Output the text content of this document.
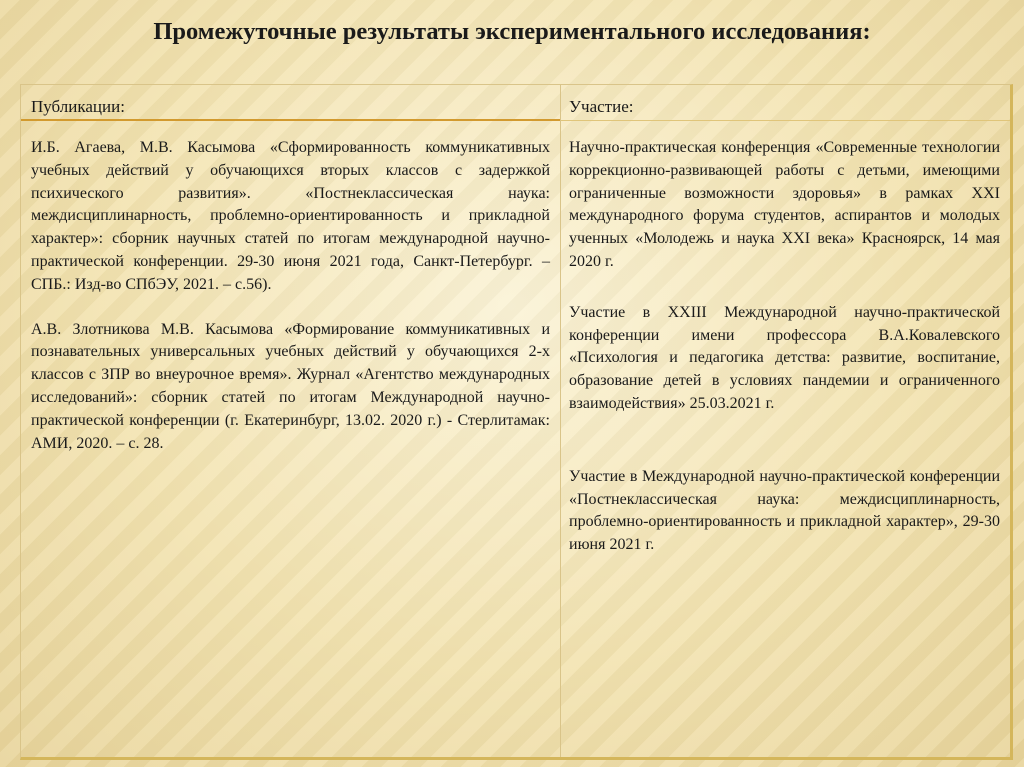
Промежуточные результаты экспериментального исследования:
Публикации:

И.Б. Агаева, М.В. Касымова «Сформированность коммуникативных учебных действий у обучающихся вторых классов с задержкой психического развития». «Постнеклассическая наука: междисциплинарность, проблемно-ориентированность и прикладной характер»: сборник научных статей по итогам международной научно-практической конференции. 29-30 июня 2021 года, Санкт-Петербург. – СПБ.: Изд-во СПбЭУ, 2021. – с.56).

А.В. Злотникова М.В. Касымова «Формирование коммуникативных и познавательных универсальных учебных действий у обучающихся 2-х классов с ЗПР во внеурочное время». Журнал «Агентство международных исследований»: сборник статей по итогам Международной научно-практической конференции (г. Екатеринбург, 13.02. 2020 г.) - Стерлитамак: АМИ, 2020. – с. 28.

Участие:

Научно-практическая конференция «Современные технологии коррекционно-развивающей работы с детьми, имеющими ограниченные возможности здоровья» в рамках XXI международного форума студентов, аспирантов и молодых ученных «Молодежь и наука XXI века» Красноярск, 14 мая 2020 г.

Участие в XXIII Международной научно-практической конференции имени профессора В.А.Ковалевского «Психология и педагогика детства: развитие, воспитание, образование детей в условиях пандемии и ограниченного взаимодействия» 25.03.2021 г.

Участие в Международной научно-практической конференции «Постнеклассическая наука: междисциплинарность, проблемно-ориентированность и прикладной характер», 29-30 июня 2021 г.
